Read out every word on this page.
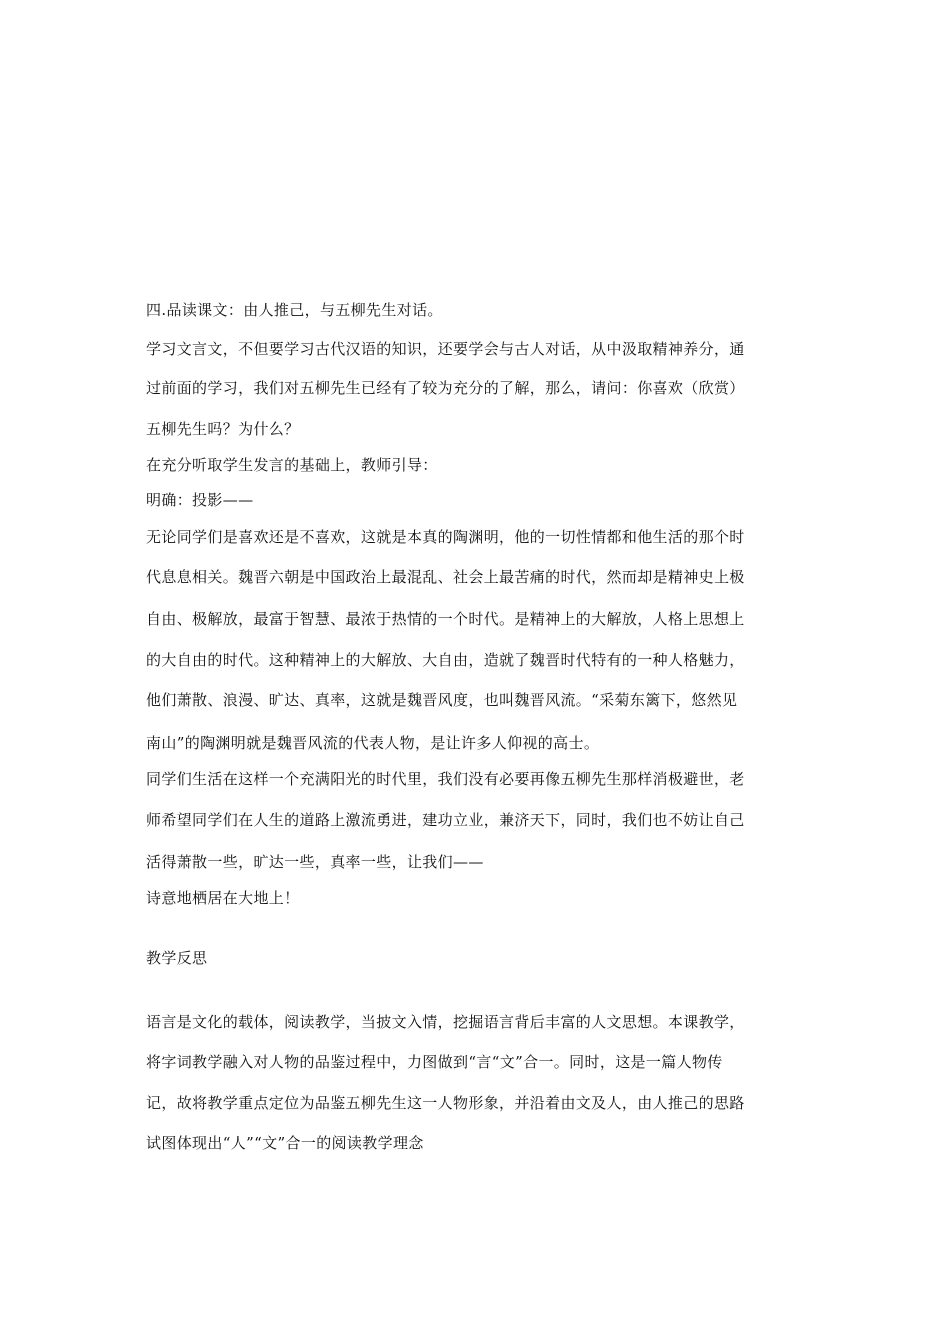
四.品读课文：由人推己，与五柳先生对话。
学习文言文，不但要学习古代汉语的知识，还要学会与古人对话，从中汲取精神养分，通
过前面的学习，我们对五柳先生已经有了较为充分的了解，那么，请问：你喜欢（欣赏）
五柳先生吗？为什么？
在充分听取学生发言的基础上，教师引导：
明确：投影——
无论同学们是喜欢还是不喜欢，这就是本真的陶渊明，他的一切性情都和他生活的那个时
代息息相关。魏晋六朝是中国政治上最混乱、社会上最苦痛的时代，然而却是精神史上极
自由、极解放，最富于智慧、最浓于热情的一个时代。是精神上的大解放，人格上思想上
的大自由的时代。这种精神上的大解放、大自由，造就了魏晋时代特有的一种人格魅力，
他们萧散、浪漫、旷达、真率，这就是魏晋风度，也叫魏晋风流。“采菊东篱下，悠然见
南山”的陶渊明就是魏晋风流的代表人物，是让许多人仰视的高士。
同学们生活在这样一个充满阳光的时代里，我们没有必要再像五柳先生那样消极避世，老
师希望同学们在人生的道路上激流勇进，建功立业，兼济天下，同时，我们也不妨让自己
活得萧散一些，旷达一些，真率一些，让我们——
诗意地栖居在大地上！
教学反思
语言是文化的载体，阅读教学，当披文入情，挖掘语言背后丰富的人文思想。本课教学，
将字词教学融入对人物的品鉴过程中，力图做到“言“文”合一。同时，这是一篇人物传
记，故将教学重点定位为品鉴五柳先生这一人物形象，并沿着由文及人，由人推己的思路
试图体现出“人”“文”合一的阅读教学理念
